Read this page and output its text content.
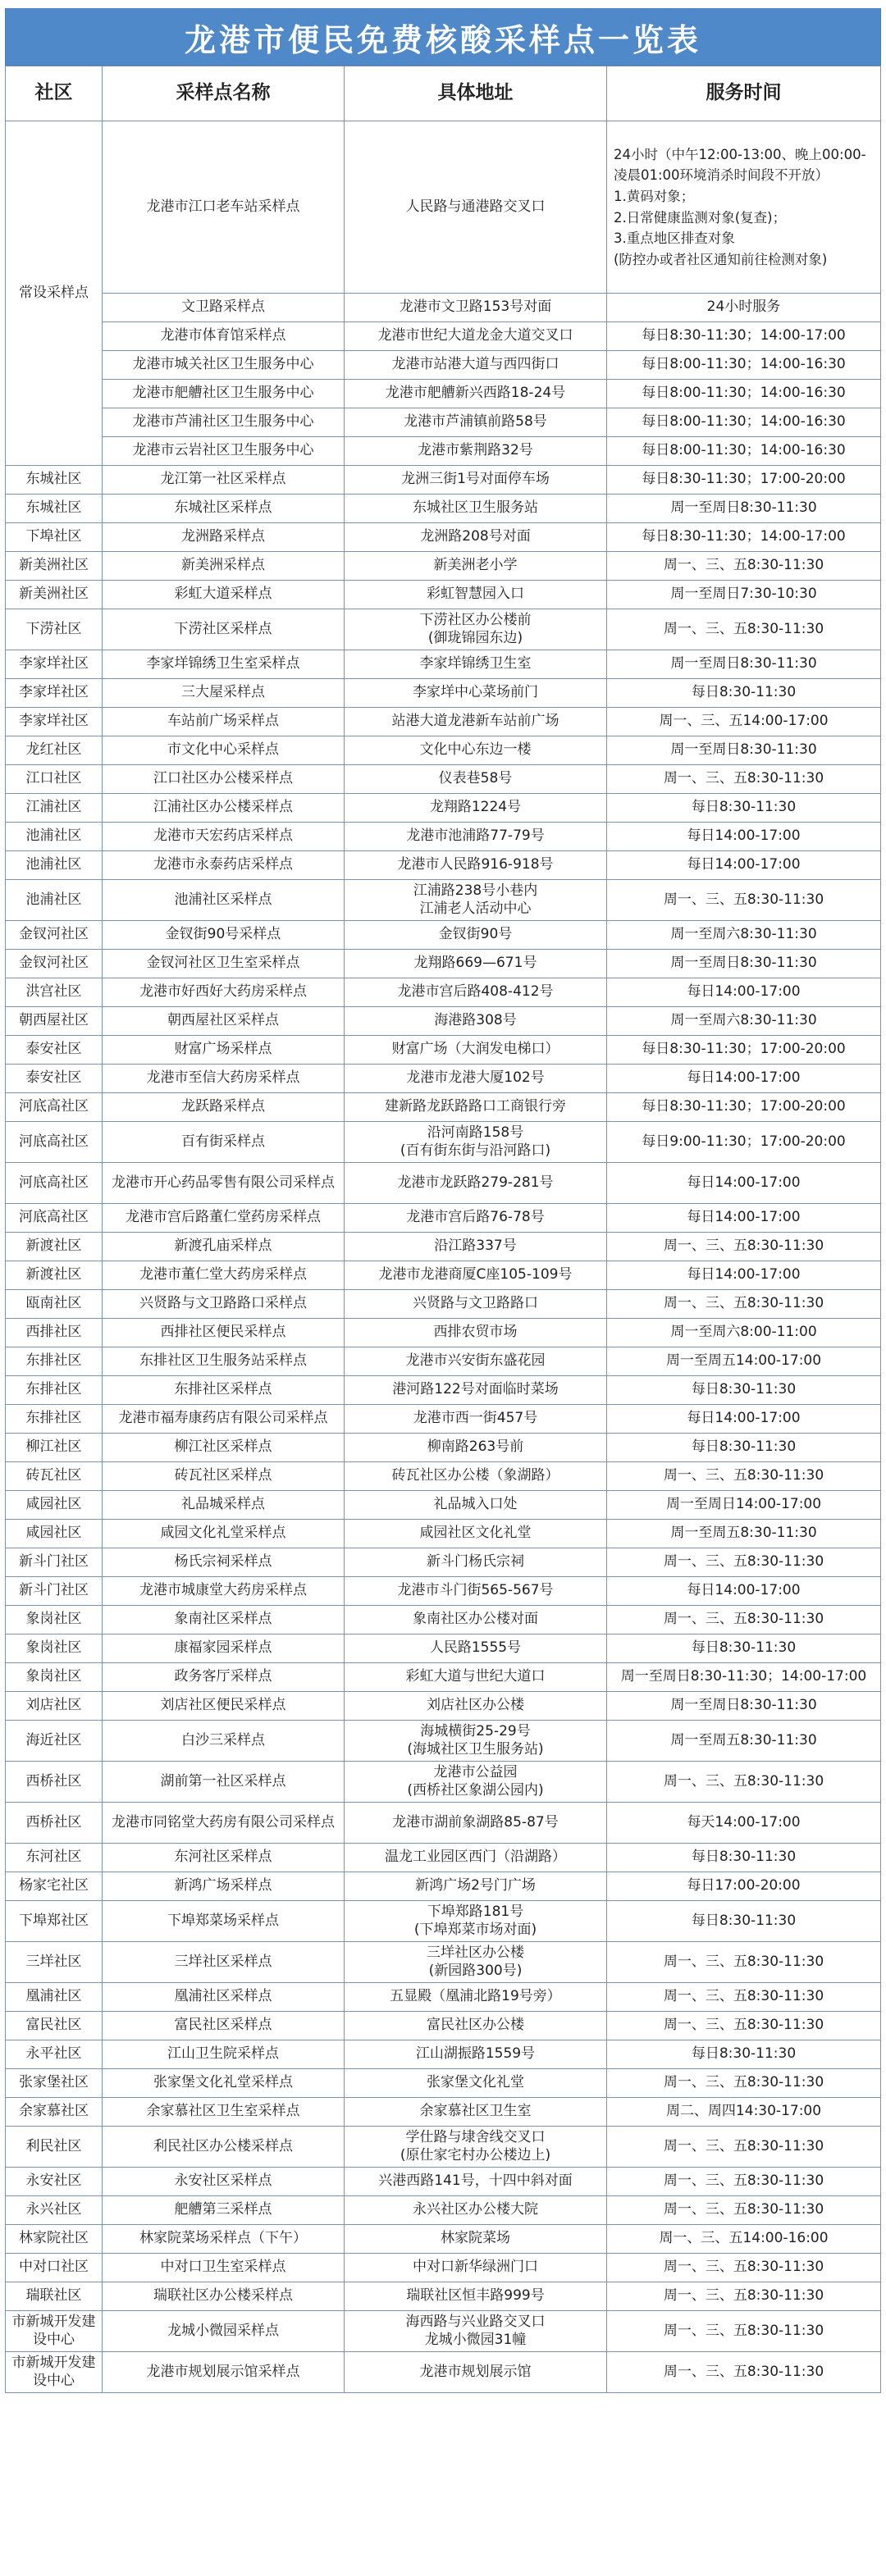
龙港市便民免费核酸采样点一览表
社区	采样点名称	具体地址	服务时间
常设采样点	龙港市江口老车站采样点	人民路与通港路交叉口	24小时（中午12:00-13:00、晚上00:00-凌晨01:00环境消杀时间段不开放）
1.黄码对象；
2.日常健康监测对象(复查)；
3.重点地区排查对象
(防控办或者社区通知前往检测对象)

	文卫路采样点	龙港市文卫路153号对面	24小时服务
	龙港市体育馆采样点	龙港市世纪大道龙金大道交叉口	每日8:30-11:30；14:00-17:00
	龙港市城关社区卫生服务中心	龙港市站港大道与西四街口	每日8:00-11:30；14:00-16:30
	龙港市舥艚社区卫生服务中心	龙港市舥艚新兴西路18-24号	每日8:00-11:30；14:00-16:30
	龙港市芦浦社区卫生服务中心	龙港市芦浦镇前路58号	每日8:00-11:30；14:00-16:30
	龙港市云岩社区卫生服务中心	龙港市紫荆路32号	每日8:00-11:30；14:00-16:30
东城社区	龙江第一社区采样点	龙洲三街1号对面停车场	每日8:30-11:30；17:00-20:00
东城社区	东城社区采样点	东城社区卫生服务站	周一至周日8:30-11:30
下埠社区	龙洲路采样点	龙洲路208号对面	每日8:30-11:30；14:00-17:00
新美洲社区	新美洲采样点	新美洲老小学	周一、三、五8:30-11:30
新美洲社区	彩虹大道采样点	彩虹智慧园入口	周一至周日7:30-10:30
下涝社区	下涝社区采样点	下涝社区办公楼前
(御珑锦园东边)	周一、三、五8:30-11:30
李家垟社区	李家垟锦绣卫生室采样点	李家垟锦绣卫生室	周一至周日8:30-11:30
李家垟社区	三大屋采样点	李家垟中心菜场前门	每日8:30-11:30
李家垟社区	车站前广场采样点	站港大道龙港新车站前广场	周一、三、五14:00-17:00
龙红社区	市文化中心采样点	文化中心东边一楼	周一至周日8:30-11:30
江口社区	江口社区办公楼采样点	仪表巷58号	周一、三、五8:30-11:30
江浦社区	江浦社区办公楼采样点	龙翔路1224号	每日8:30-11:30
池浦社区	龙港市天宏药店采样点	龙港市池浦路77-79号	每日14:00-17:00
池浦社区	龙港市永泰药店采样点	龙港市人民路916-918号	每日14:00-17:00
池浦社区	池浦社区采样点	江浦路238号小巷内
江浦老人活动中心	周一、三、五8:30-11:30
金钗河社区	金钗街90号采样点	金钗街90号	周一至周六8:30-11:30
金钗河社区	金钗河社区卫生室采样点	龙翔路669—671号	周一至周日8:30-11:30
洪宫社区	龙港市好西好大药房采样点	龙港市宫后路408-412号	每日14:00-17:00
朝西屋社区	朝西屋社区采样点	海港路308号	周一至周六8:30-11:30
泰安社区	财富广场采样点	财富广场（大润发电梯口）	每日8:30-11:30；17:00-20:00
泰安社区	龙港市至信大药房采样点	龙港市龙港大厦102号	每日14:00-17:00
河底高社区	龙跃路采样点	建新路龙跃路路口工商银行旁	每日8:30-11:30；17:00-20:00
河底高社区	百有街采样点	沿河南路158号
(百有街东街与沿河路口)	每日9:00-11:30；17:00-20:00
河底高社区	龙港市开心药品零售有限公司采样点	龙港市龙跃路279-281号	每日14:00-17:00
河底高社区	龙港市宫后路董仁堂药房采样点	龙港市宫后路76-78号	每日14:00-17:00
新渡社区	新渡孔庙采样点	沿江路337号	周一、三、五8:30-11:30
新渡社区	龙港市董仁堂大药房采样点	龙港市龙港商厦C座105-109号	每日14:00-17:00
瓯南社区	兴贤路与文卫路路口采样点	兴贤路与文卫路路口	周一、三、五8:30-11:30
西排社区	西排社区便民采样点	西排农贸市场	周一至周六8:00-11:00
东排社区	东排社区卫生服务站采样点	龙港市兴安街东盛花园	周一至周五14:00-17:00
东排社区	东排社区采样点	港河路122号对面临时菜场	每日8:30-11:30
东排社区	龙港市福寿康药店有限公司采样点	龙港市西一街457号	每日14:00-17:00
柳江社区	柳江社区采样点	柳南路263号前	每日8:30-11:30
砖瓦社区	砖瓦社区采样点	砖瓦社区办公楼（象湖路）	周一、三、五8:30-11:30
咸园社区	礼品城采样点	礼品城入口处	周一至周日14:00-17:00
咸园社区	咸园文化礼堂采样点	咸园社区文化礼堂	周一至周五8:30-11:30
新斗门社区	杨氏宗祠采样点	新斗门杨氏宗祠	周一、三、五8:30-11:30
新斗门社区	龙港市城康堂大药房采样点	龙港市斗门街565-567号	每日14:00-17:00
象岗社区	象南社区采样点	象南社区办公楼对面	周一、三、五8:30-11:30
象岗社区	康福家园采样点	人民路1555号	每日8:30-11:30
象岗社区	政务客厅采样点	彩虹大道与世纪大道口	周一至周日8:30-11:30；14:00-17:00
刘店社区	刘店社区便民采样点	刘店社区办公楼	周一至周日8:30-11:30
海近社区	白沙三采样点	海城横街25-29号
(海城社区卫生服务站)	周一至周五8:30-11:30
西桥社区	湖前第一社区采样点	龙港市公益园
(西桥社区象湖公园内)	周一、三、五8:30-11:30
西桥社区	龙港市同铭堂大药房有限公司采样点	龙港市湖前象湖路85-87号	每天14:00-17:00
东河社区	东河社区采样点	温龙工业园区西门（沿湖路）	每日8:30-11:30
杨家宅社区	新鸿广场采样点	新鸿广场2号门广场	每日17:00-20:00
下埠郑社区	下埠郑菜场采样点	下埠郑路181号
(下埠郑菜市场对面)	每日8:30-11:30
三垟社区	三垟社区采样点	三垟社区办公楼
(新园路300号)	周一、三、五8:30-11:30
凰浦社区	凰浦社区采样点	五显殿（凰浦北路19号旁）	周一、三、五8:30-11:30
富民社区	富民社区采样点	富民社区办公楼	周一、三、五8:30-11:30
永平社区	江山卫生院采样点	江山湖振路1559号	每日8:30-11:30
张家堡社区	张家堡文化礼堂采样点	张家堡文化礼堂	周一、三、五8:30-11:30
余家慕社区	余家慕社区卫生室采样点	余家慕社区卫生室	周二、周四14:30-17:00
利民社区	利民社区办公楼采样点	学仕路与埭舍线交叉口
(原仕家宅村办公楼边上)	周一、三、五8:30-11:30
永安社区	永安社区采样点	兴港西路141号，十四中斜对面	周一、三、五8:30-11:30
永兴社区	舥艚第三采样点	永兴社区办公楼大院	周一、三、五8:30-11:30
林家院社区	林家院菜场采样点（下午）	林家院菜场	周一、三、五14:00-16:00
中对口社区	中对口卫生室采样点	中对口新华绿洲门口	周一、三、五8:30-11:30
瑞联社区	瑞联社区办公楼采样点	瑞联社区恒丰路999号	周一、三、五8:30-11:30
市新城开发建设中心	龙城小微园采样点	海西路与兴业路交叉口
龙城小微园31幢	周一、三、五8:30-11:30
市新城开发建设中心	龙港市规划展示馆采样点	龙港市规划展示馆	周一、三、五8:30-11:30
